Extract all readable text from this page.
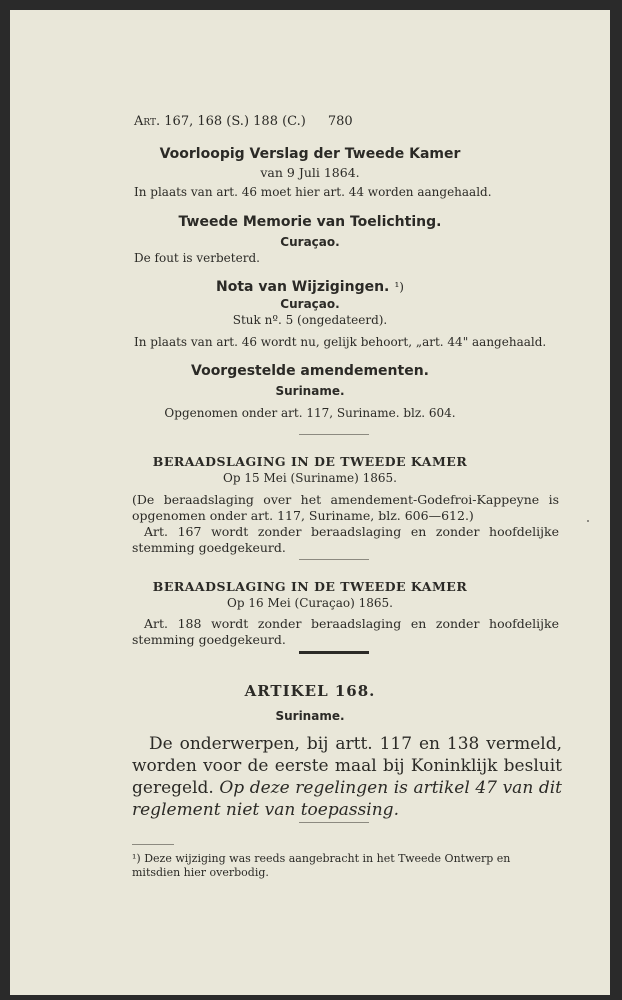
Art. 167, 168 (S.) 188 (C.) 780
Voorloopig Verslag der Tweede Kamer
van 9 Juli 1864.
In plaats van art. 46 moet hier art. 44 worden aangehaald.
Tweede Memorie van Toelichting.
Curaçao.
De fout is verbeterd.
Nota van Wijzigingen. ¹)
Curaçao.
Stuk nº. 5 (ongedateerd).
In plaats van art. 46 wordt nu, gelijk behoort, „art. 44" aangehaald.
Voorgestelde amendementen.
Suriname.
Opgenomen onder art. 117, Suriname. blz. 604.
BERAADSLAGING IN DE TWEEDE KAMER
Op 15 Mei (Suriname) 1865.
(De beraadslaging over het amendement-Godefroi-Kappeyne is opgenomen onder art. 117, Suriname, blz. 606—612.)
Art. 167 wordt zonder beraadslaging en zonder hoofdelijke stemming goedgekeurd.
BERAADSLAGING IN DE TWEEDE KAMER
Op 16 Mei (Curaçao) 1865.
Art. 188 wordt zonder beraadslaging en zonder hoofdelijke stemming goedgekeurd.
ARTIKEL 168.
Suriname.
De onderwerpen, bij artt. 117 en 138 vermeld, worden voor de eerste maal bij Koninklijk besluit geregeld. Op deze regelingen is artikel 47 van dit reglement niet van toepassing.
¹) Deze wijziging was reeds aangebracht in het Tweede Ontwerp en mitsdien hier overbodig.
